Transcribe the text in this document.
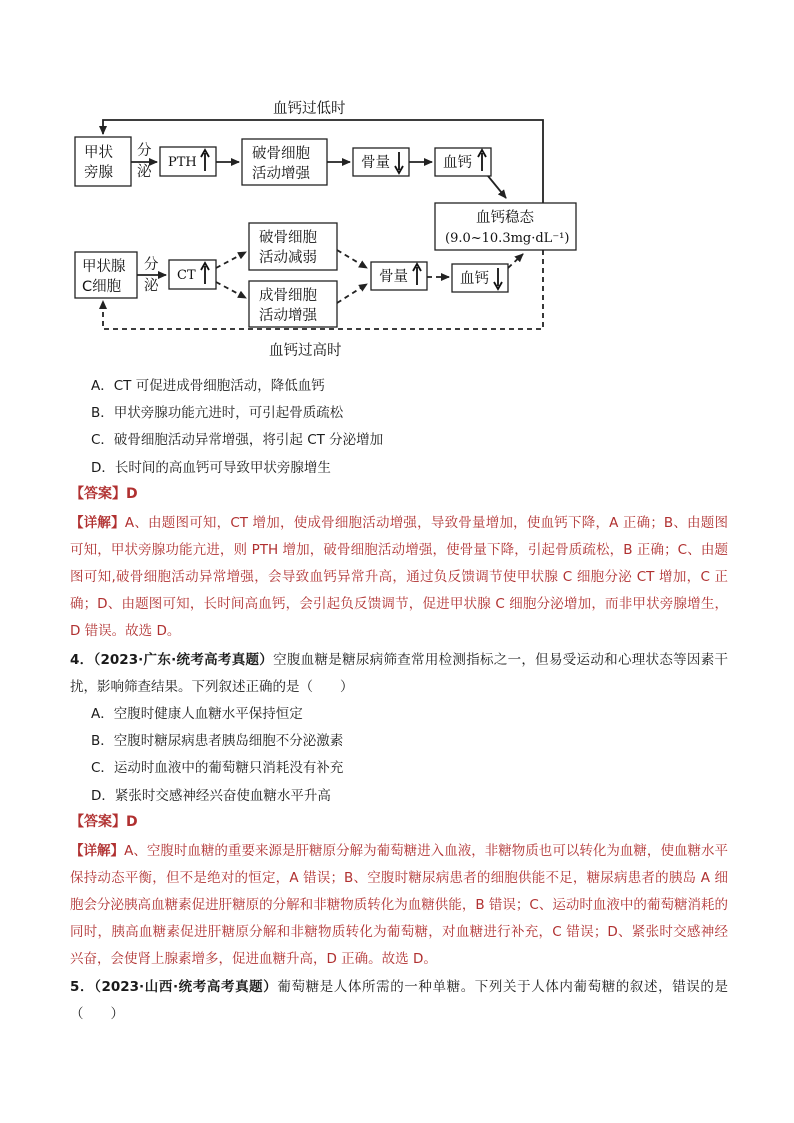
血钙过低时
甲状
旁腺
分
泌
PTH
破骨细胞
活动增强
骨量	血钙
血钙稳态
(9.0~10.3mg·dL⁻¹)
甲状腺
C细胞
分
泌
CT
破骨细胞
活动减弱
成骨细胞
活动增强
骨量	血钙
血钙过高时
A．CT 可促进成骨细胞活动，降低血钙
B．甲状旁腺功能亢进时，可引起骨质疏松
C．破骨细胞活动异常增强，将引起 CT 分泌增加
D．长时间的高血钙可导致甲状旁腺增生
【答案】D
【详解】A、由题图可知，CT 增加，使成骨细胞活动增强，导致骨量增加，使血钙下降，A 正确；B、由题图可知，甲状旁腺功能亢进，则 PTH 增加，破骨细胞活动增强，使骨量下降，引起骨质疏松，B 正确；C、由题图可知,破骨细胞活动异常增强，会导致血钙异常升高，通过负反馈调节使甲状腺 C 细胞分泌 CT 增加，C 正确；D、由题图可知，长时间高血钙，会引起负反馈调节，促进甲状腺 C 细胞分泌增加，而非甲状旁腺增生，D 错误。故选 D。
4．（2023·广东·统考高考真题）空腹血糖是糖尿病筛查常用检测指标之一，但易受运动和心理状态等因素干扰，影响筛查结果。下列叙述正确的是（　　）
A．空腹时健康人血糖水平保持恒定
B．空腹时糖尿病患者胰岛细胞不分泌激素
C．运动时血液中的葡萄糖只消耗没有补充
D．紧张时交感神经兴奋使血糖水平升高
【答案】D
【详解】A、空腹时血糖的重要来源是肝糖原分解为葡萄糖进入血液，非糖物质也可以转化为血糖，使血糖水平保持动态平衡，但不是绝对的恒定，A 错误；B、空腹时糖尿病患者的细胞供能不足，糖尿病患者的胰岛 A 细胞会分泌胰高血糖素促进肝糖原的分解和非糖物质转化为血糖供能，B 错误；C、运动时血液中的葡萄糖消耗的同时，胰高血糖素促进肝糖原分解和非糖物质转化为葡萄糖，对血糖进行补充，C 错误；D、紧张时交感神经兴奋，会使肾上腺素增多，促进血糖升高，D 正确。故选 D。
5．（2023·山西·统考高考真题）葡萄糖是人体所需的一种单糖。下列关于人体内葡萄糖的叙述，错误的是（　　）
